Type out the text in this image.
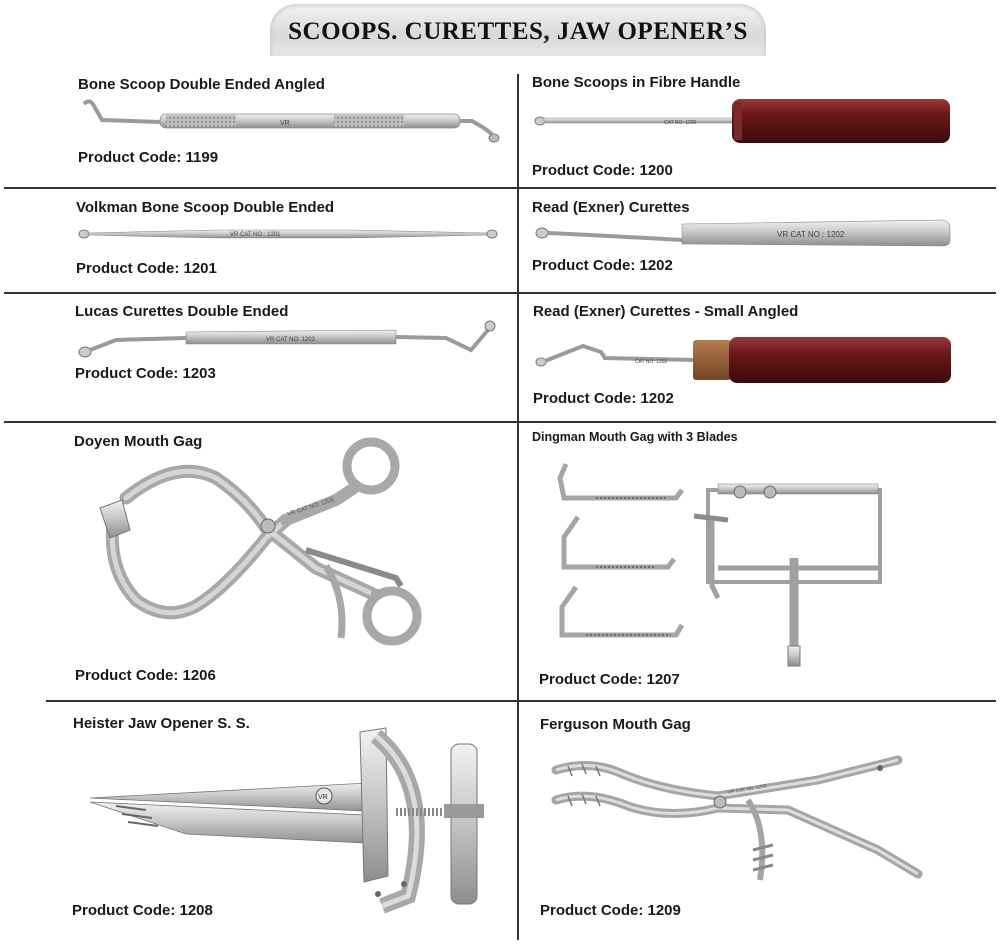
SCOOPS. CURETTES, JAW OPENER’S
Bone Scoop Double Ended Angled
VR
Product Code: 1199
Bone Scoops in Fibre Handle
CAT NO: 1200
Product Code: 1200
Volkman Bone Scoop Double Ended
VR CAT NO : 1201
Product Code: 1201
Read (Exner) Curettes
VR CAT NO : 1202
Product Code: 1202
Lucas Curettes Double Ended
VR CAT NO: 1203
Product Code: 1203
Read (Exner) Curettes - Small Angled
CAT NO: 1202
Product Code: 1202
Doyen Mouth Gag
VR CAT NO: 1206
Product Code: 1206
Dingman Mouth Gag with 3 Blades
Product Code: 1207
Heister Jaw Opener S. S.
VR
Product Code: 1208
Ferguson Mouth Gag
VR CAT No: 1209
Product Code: 1209
